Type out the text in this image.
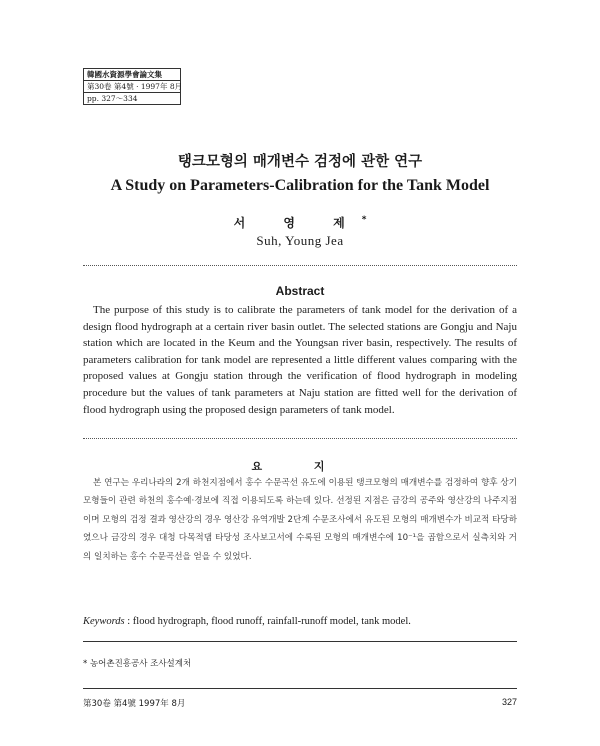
韓國水資源學會論文集
第30卷 第4號 · 1997年 8月
pp. 327～334
탱크모형의 매개변수 검정에 관한 연구
A Study on Parameters-Calibration for the Tank Model
서 영 제*
Suh, Young Jea
Abstract
The purpose of this study is to calibrate the parameters of tank model for the derivation of a design flood hydrograph at a certain river basin outlet. The selected stations are Gongju and Naju station which are located in the Keum and the Youngsan river basin, respectively. The results of parameters calibration for tank model are represented a little different values comparing with the proposed values at Gongju station through the verification of flood hydrograph in modeling procedure but the values of tank parameters at Naju station are fitted well for the derivation of flood hydrograph using the proposed design parameters of tank model.
요 지
본 연구는 우리나라의 2개 하천지점에서 홍수 수문곡선 유도에 이용된 탱크모형의 매개변수를 검정하여 향후 상기 모형들이 관련 하천의 홍수예·경보에 직접 이용되도록 하는데 있다. 선정된 지점은 금강의 공주와 영산강의 나주지점이며 모형의 검정 결과 영산강의 경우 영산강 유역개발 2단계 수문조사에서 유도된 모형의 매개변수가 비교적 타당하였으나 금강의 경우 대청 다목적댐 타당성 조사보고서에 수록된 모형의 매개변수에 10⁻¹을 곱함으로서 실측치와 거의 일치하는 홍수 수문곡선을 얻을 수 있었다.
Keywords : flood hydrograph, flood runoff, rainfall-runoff model, tank model.
* 농어촌진흥공사 조사설계처
第30卷 第4號 1997年 8月	327
